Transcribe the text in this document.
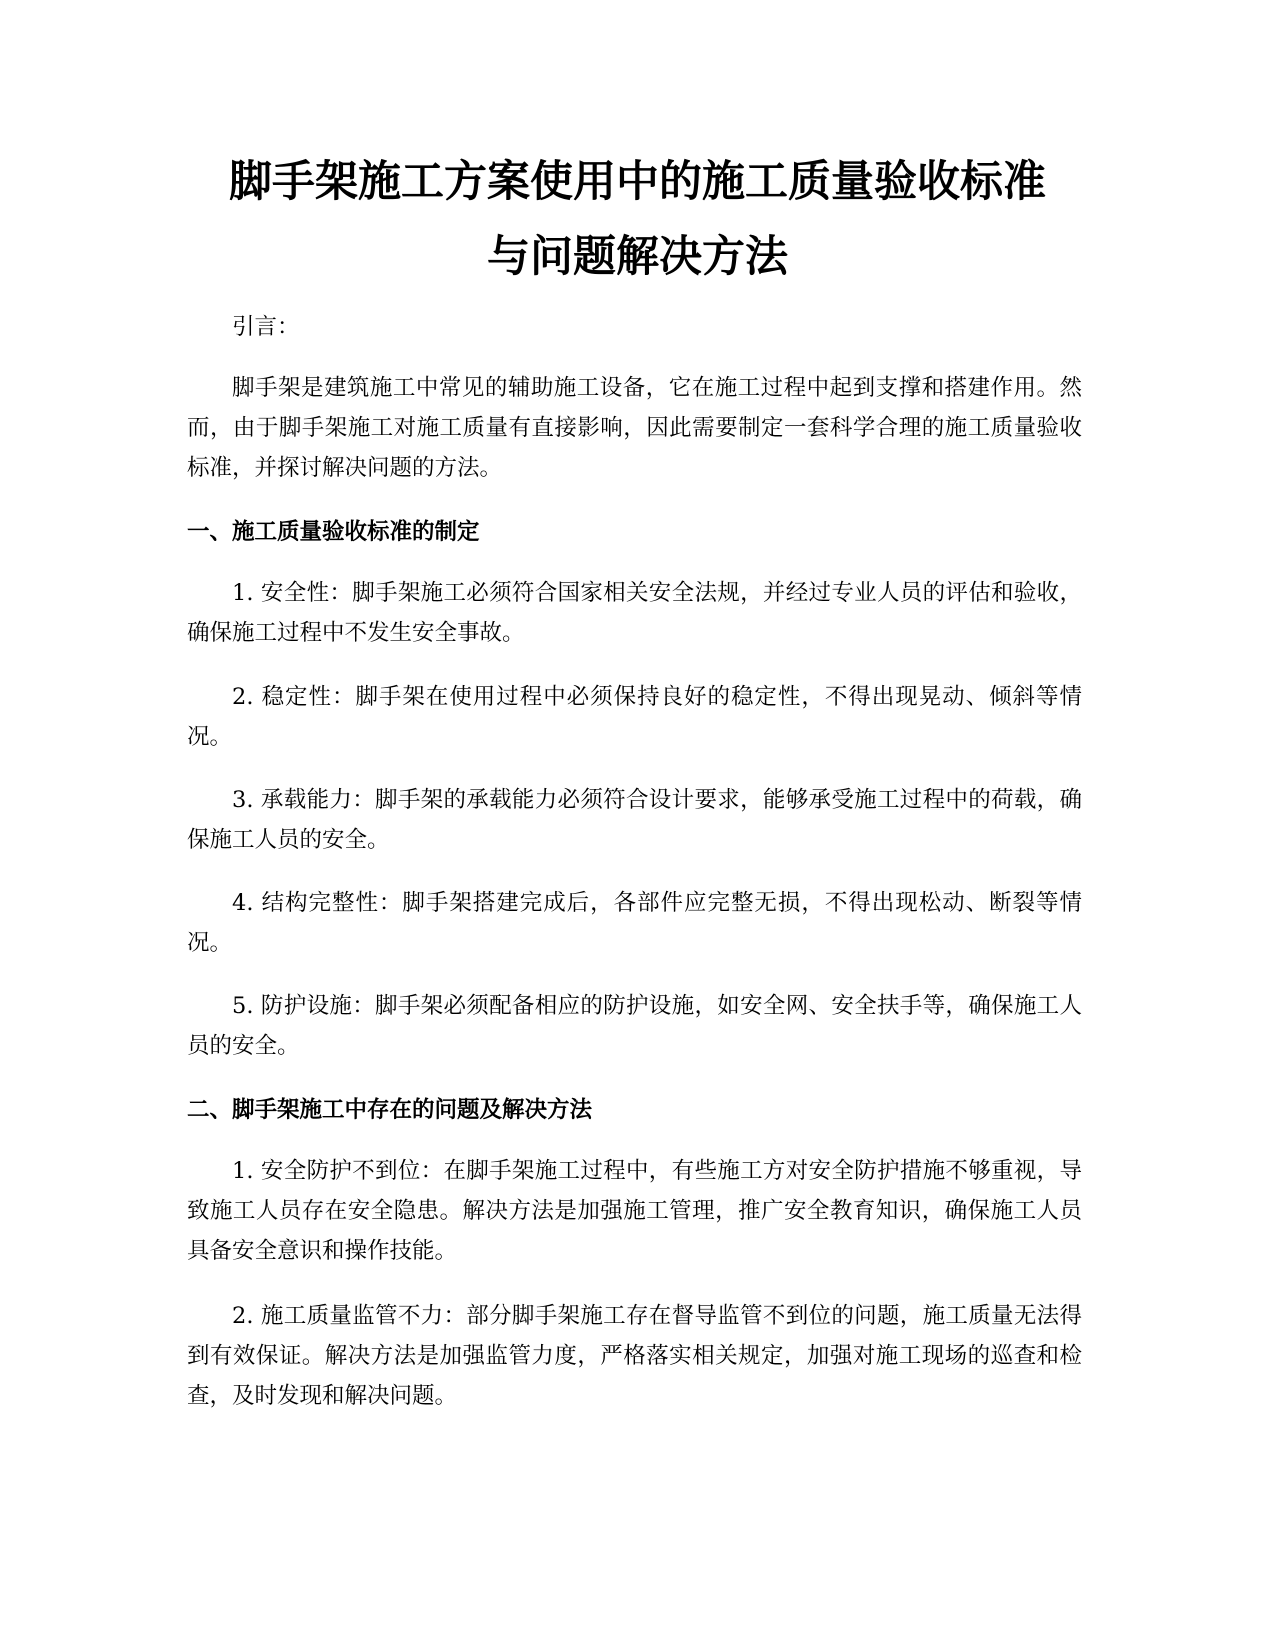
脚手架施工方案使用中的施工质量验收标准
与问题解决方法

引言：

脚手架是建筑施工中常见的辅助施工设备，它在施工过程中起到支撑和搭建作用。然而，由于脚手架施工对施工质量有直接影响，因此需要制定一套科学合理的施工质量验收标准，并探讨解决问题的方法。

一、施工质量验收标准的制定

1. 安全性：脚手架施工必须符合国家相关安全法规，并经过专业人员的评估和验收，确保施工过程中不发生安全事故。

2. 稳定性：脚手架在使用过程中必须保持良好的稳定性，不得出现晃动、倾斜等情况。

3. 承载能力：脚手架的承载能力必须符合设计要求，能够承受施工过程中的荷载，确保施工人员的安全。

4. 结构完整性：脚手架搭建完成后，各部件应完整无损，不得出现松动、断裂等情况。

5. 防护设施：脚手架必须配备相应的防护设施，如安全网、安全扶手等，确保施工人员的安全。

二、脚手架施工中存在的问题及解决方法

1. 安全防护不到位：在脚手架施工过程中，有些施工方对安全防护措施不够重视，导致施工人员存在安全隐患。解决方法是加强施工管理，推广安全教育知识，确保施工人员具备安全意识和操作技能。

2. 施工质量监管不力：部分脚手架施工存在督导监管不到位的问题，施工质量无法得到有效保证。解决方法是加强监管力度，严格落实相关规定，加强对施工现场的巡查和检查，及时发现和解决问题。
